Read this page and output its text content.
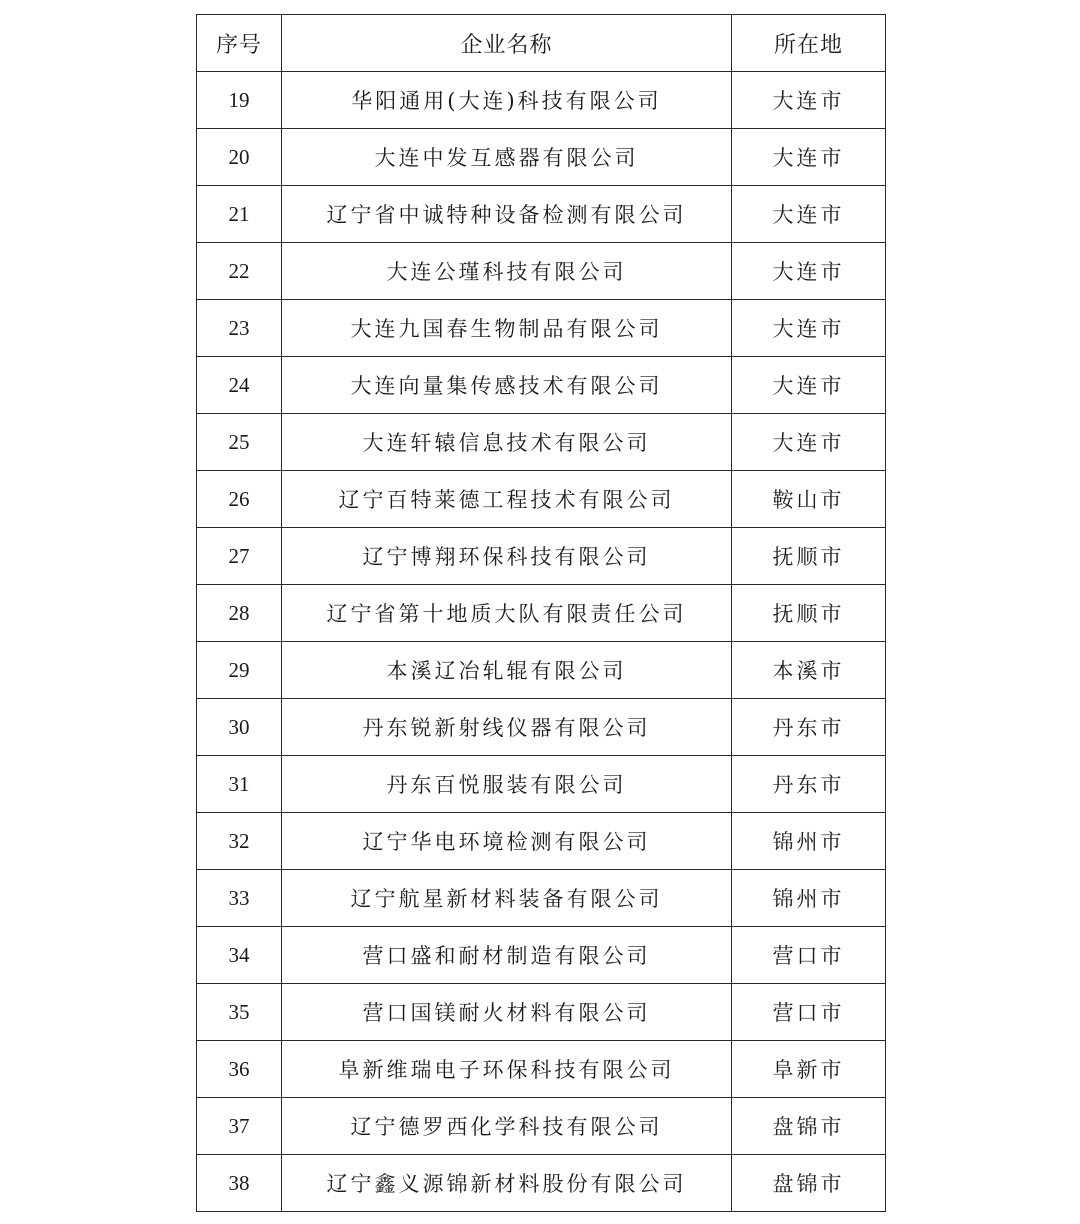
序号	企业名称	所在地
19	华阳通用(大连)科技有限公司	大连市
20	大连中发互感器有限公司	大连市
21	辽宁省中诚特种设备检测有限公司	大连市
22	大连公瑾科技有限公司	大连市
23	大连九国春生物制品有限公司	大连市
24	大连向量集传感技术有限公司	大连市
25	大连轩辕信息技术有限公司	大连市
26	辽宁百特莱德工程技术有限公司	鞍山市
27	辽宁博翔环保科技有限公司	抚顺市
28	辽宁省第十地质大队有限责任公司	抚顺市
29	本溪辽冶轧辊有限公司	本溪市
30	丹东锐新射线仪器有限公司	丹东市
31	丹东百悦服装有限公司	丹东市
32	辽宁华电环境检测有限公司	锦州市
33	辽宁航星新材料装备有限公司	锦州市
34	营口盛和耐材制造有限公司	营口市
35	营口国镁耐火材料有限公司	营口市
36	阜新维瑞电子环保科技有限公司	阜新市
37	辽宁德罗西化学科技有限公司	盘锦市
38	辽宁鑫义源锦新材料股份有限公司	盘锦市
